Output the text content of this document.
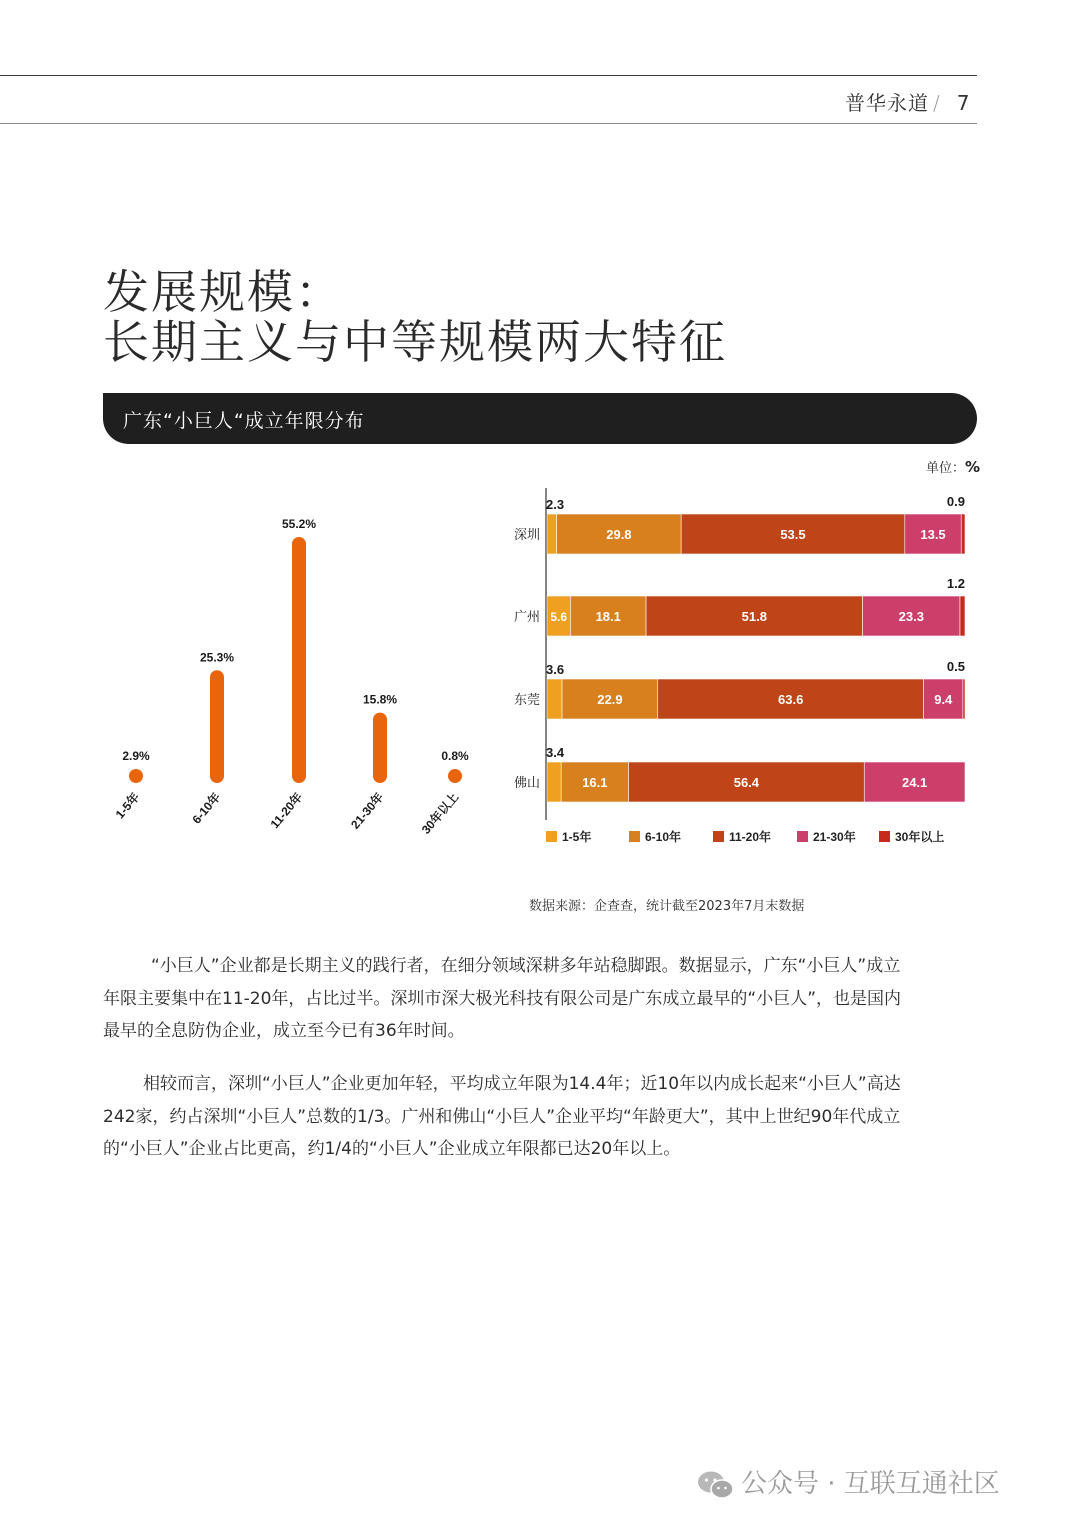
普华永道 / 7
发展规模：
长期主义与中等规模两大特征
广东“小巨人“成立年限分布
单位：%
2.9%
1-5年
25.3%
6-10年
55.2%
11-20年
15.8%
21-30年
0.8%
30年以上
深圳
2.3
29.8	53.5	13.5
0.9
广州 5.6 18.1	51.8	23.3
1.2
东莞
3.6
22.9	63.6	9.4
0.5
佛山
3.4
16.1	56.4	24.1
1-5年	6-10年	11-20年	21-30年	30年以上
数据来源：企查查，统计截至2023年7月末数据
“小巨人”企业都是长期主义的践行者，在细分领域深耕多年站稳脚跟。数据显示，广东“小巨人”成立
年限主要集中在11-20年，占比过半。深圳市深大极光科技有限公司是广东成立最早的“小巨人”，也是国内
最早的全息防伪企业，成立至今已有36年时间。
相较而言，深圳“小巨人”企业更加年轻，平均成立年限为14.4年；近10年以内成长起来“小巨人”高达
242家，约占深圳“小巨人”总数的1/3。广州和佛山“小巨人”企业平均“年龄更大”，其中上世纪90年代成立
的“小巨人”企业占比更高，约1/4的“小巨人”企业成立年限都已达20年以上。
公众号 · 互联互通社区
